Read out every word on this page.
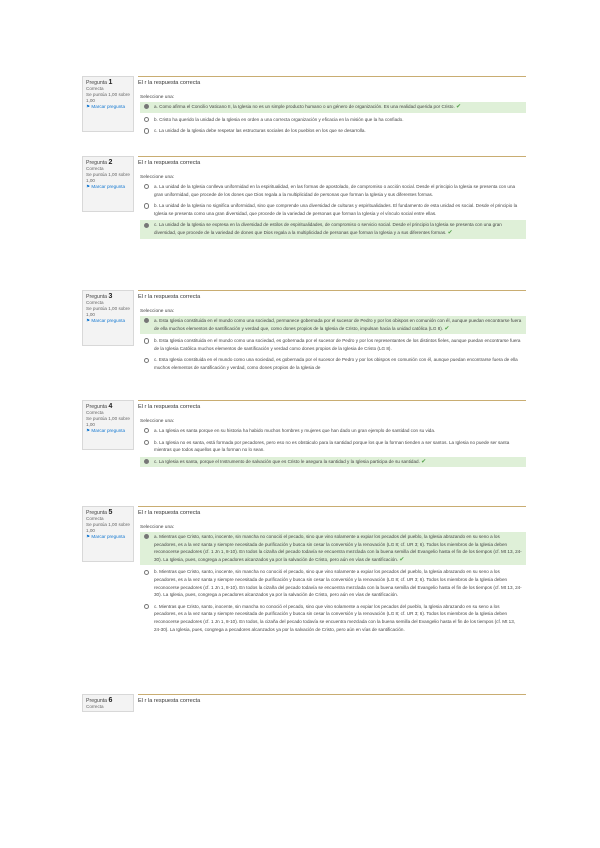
Pregunta 1
Correcta
Se puntúa 1,00 sobre 1,00
⚑ Marcar pregunta
El r la respuesta correcta
Seleccione una:
a. Como afirma el Concilio Vaticano II, la Iglesia no es un simple producto humano o un género de organización. Es una realidad querida por Cristo. ✔
b. Cristo ha querido la unidad de la Iglesia en orden a una correcta organización y eficacia en la misión que la ha confiado.
c. La unidad de la Iglesia debe respetar las estructuras sociales de los pueblos en los que se desarrolla.
Pregunta 2
Correcta
Se puntúa 1,00 sobre 1,00
⚑ Marcar pregunta
El r la respuesta correcta
Seleccione una:
a. La unidad de la Iglesia conlleva uniformidad en la espiritualidad, en las formas de apostolado, de compromiso o acción social. Desde el principio la Iglesia se presenta con una gran uniformidad, que procede de los dones que Dios regala a la multiplicidad de personas que forman la Iglesia y sus diferentes formas.
b. La unidad de la Iglesia no significa uniformidad, sino que comprende una diversidad de culturas y espiritualidades. El fundamento de esta unidad es social. Desde el principio la Iglesia se presenta como una gran diversidad, que procede de la variedad de personas que forman la Iglesia y el vínculo social entre ellas.
c. La unidad de la Iglesia se expresa en la diversidad de estilos de espiritualidades, de compromiso o servicio social. Desde el principio la Iglesia se presenta con una gran diversidad, que procede de la variedad de dones que Dios regala a la multiplicidad de personas que forman la Iglesia y a sus diferentes formas. ✔
Pregunta 3
Correcta
Se puntúa 1,00 sobre 1,00
⚑ Marcar pregunta
El r la respuesta correcta
Seleccione una:
a. Esta Iglesia constituida en el mundo como una sociedad, permanece gobernada por el sucesor de Pedro y por los obispos en comunión con él, aunque puedan encontrarse fuera de ella muchos elementos de santificación y verdad que, como dones propios de la Iglesia de Cristo, impulsan hacia la unidad católica (LG 8). ✔
b. Esta Iglesia constituida en el mundo como una sociedad, es gobernada por el sucesor de Pedro y por los representantes de los distintos fieles, aunque puedan encontrarse fuera de la Iglesia Católica muchos elementos de santificación y verdad como dones propios de la Iglesia de Cristo (LG 8).
c. Esta Iglesia constituida en el mundo como una sociedad, es gobernada por el sucesor de Pedro y por los obispos en comunión con él, aunque puedan encontrarse fuera de ella muchos elementos de santificación y verdad, como dones propios de la Iglesia de
Pregunta 4
Correcta
Se puntúa 1,00 sobre 1,00
⚑ Marcar pregunta
El r la respuesta correcta
Seleccione una:
a. La Iglesia es santa porque en su historia ha habido muchos hombres y mujeres que han dado un gran ejemplo de santidad con su vida.
b. La Iglesia no es santa, está formada por pecadores, pero eso no es obstáculo para la santidad porque los que la forman tienden a ser santos. La Iglesia no puede ser santa mientras que todos aquellos que la forman no lo sean.
c. La Iglesia es santa, porque el Instrumento de salvación que es Cristo le asegura la santidad y la Iglesia participa de su santidad. ✔
Pregunta 5
Correcta
Se puntúa 1,00 sobre 1,00
⚑ Marcar pregunta
El r la respuesta correcta
Seleccione una:
a. Mientras que Cristo, santo, inocente, sin mancha no conoció el pecado, sino que vino solamente a expiar los pecados del pueblo, la Iglesia abrazando en su seno a los pecadores, es a la vez santa y siempre necesitada de purificación y busca sin cesar la conversión y la renovación (LG 8; cf. UR 3; 6). Todos los miembros de la Iglesia deben reconocerse pecadores (cf. 1 Jn 1, 8-10). En todos la cizaña del pecado todavía se encuentra mezclada con la buena semilla del Evangelio hasta el fin de los tiempos (cf. Mt 13, 24-30). La Iglesia, pues, congrega a pecadores alcanzados ya por la salvación de Cristo, pero aún en vías de santificación. ✔
b. Mientras que Cristo, santo, inocente, sin mancha no conoció el pecado, sino que vino solamente a expiar los pecados del pueblo, la Iglesia abrazando en su seno a los pecadores, es a la vez santa y siempre necesitada de purificación y busca sin cesar la conversión y la renovación (LG 8; cf. UR 3; 6). Todos los miembros de la Iglesia deben reconocerse pecadores (cf. 1 Jn 1, 8-10). En todos la cizaña del pecado todavía se encuentra mezclada con la buena semilla del Evangelio hasta el fin de los tiempos (cf. Mt 13, 24-30). La Iglesia, pues, congrega a pecadores alcanzados ya por la salvación de Cristo, pero aún en vías de santificación.
c. Mientras que Cristo, santo, inocente, sin mancha no conoció el pecado, sino que vino solamente a expiar los pecados del pueblo, la Iglesia abrazando en su seno a los pecadores, es a la vez santa y siempre necesitada de purificación y busca sin cesar la conversión y la renovación (LG 8; cf. UR 3; 6). Todos los miembros de la Iglesia deben reconocerse pecadores (cf. 1 Jn 1, 8-10). En todos, la cizaña del pecado todavía se encuentra mezclada con la buena semilla del Evangelio hasta el fin de los tiempos (cf. Mt 13, 24-30). La Iglesia, pues, congrega a pecadores alcanzados ya por la salvación de Cristo, pero aún en vías de santificación.
Pregunta 6
Correcta
El r la respuesta correcta
